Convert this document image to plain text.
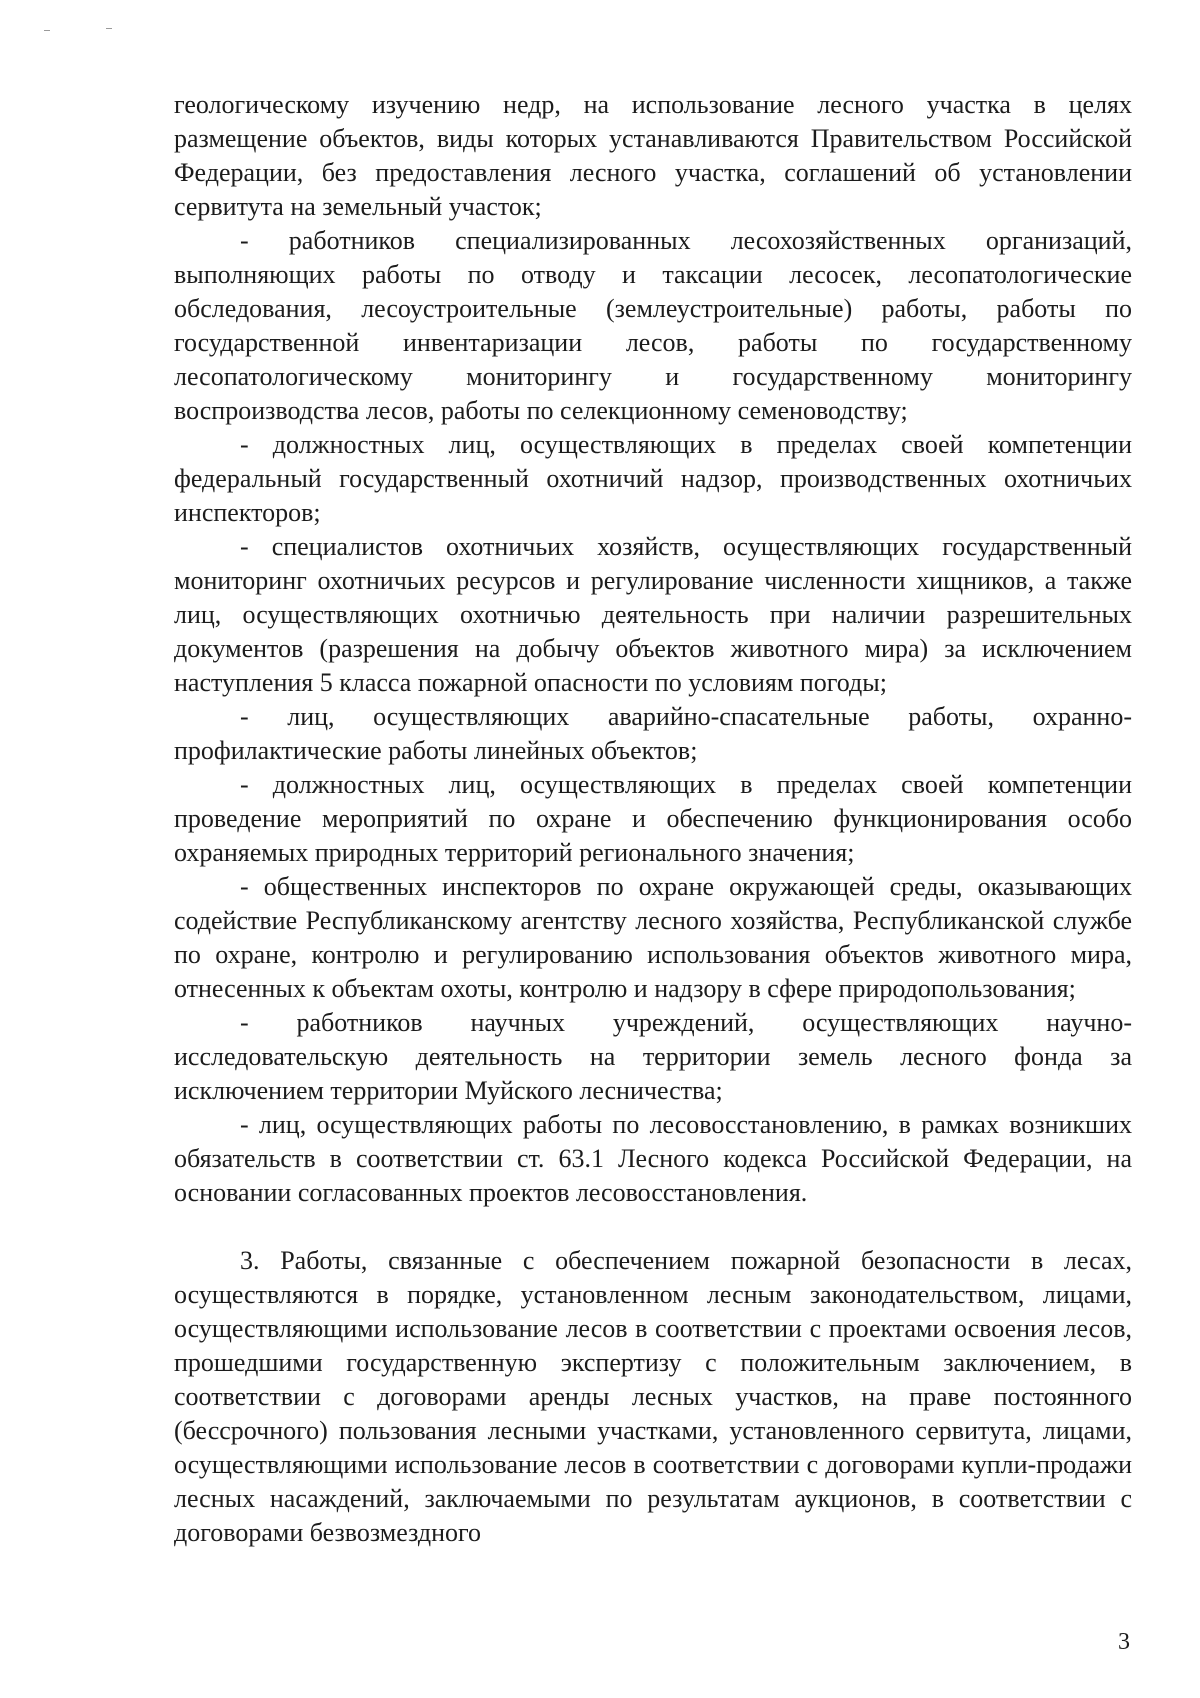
геологическому изучению недр, на использование лесного участка в целях размещение объектов, виды которых устанавливаются Правительством Российской Федерации, без предоставления лесного участка, соглашений об установлении сервитута на земельный участок;

- работников специализированных лесохозяйственных организаций, выполняющих работы по отводу и таксации лесосек, лесопатологические обследования, лесоустроительные (землеустроительные) работы, работы по государственной инвентаризации лесов, работы по государственному лесопатологическому мониторингу и государственному мониторингу воспроизводства лесов, работы по селекционному семеноводству;

- должностных лиц, осуществляющих в пределах своей компетенции федеральный государственный охотничий надзор, производственных охотничьих инспекторов;

- специалистов охотничьих хозяйств, осуществляющих государственный мониторинг охотничьих ресурсов и регулирование численности хищников, а также лиц, осуществляющих охотничью деятельность при наличии разрешительных документов (разрешения на добычу объектов животного мира) за исключением наступления 5 класса пожарной опасности по условиям погоды;

- лиц, осуществляющих аварийно-спасательные работы, охранно-профилактические работы линейных объектов;

- должностных лиц, осуществляющих в пределах своей компетенции проведение мероприятий по охране и обеспечению функционирования особо охраняемых природных территорий регионального значения;

- общественных инспекторов по охране окружающей среды, оказывающих содействие Республиканскому агентству лесного хозяйства, Республиканской службе по охране, контролю и регулированию использования объектов животного мира, отнесенных к объектам охоты, контролю и надзору в сфере природопользования;

- работников научных учреждений, осуществляющих научно-исследовательскую деятельность на территории земель лесного фонда за исключением территории Муйского лесничества;

- лиц, осуществляющих работы по лесовосстановлению, в рамках возникших обязательств в соответствии ст. 63.1 Лесного кодекса Российской Федерации, на основании согласованных проектов лесовосстановления.

3. Работы, связанные с обеспечением пожарной безопасности в лесах, осуществляются в порядке, установленном лесным законодательством, лицами, осуществляющими использование лесов в соответствии с проектами освоения лесов, прошедшими государственную экспертизу с положительным заключением, в соответствии с договорами аренды лесных участков, на праве постоянного (бессрочного) пользования лесными участками, установленного сервитута, лицами, осуществляющими использование лесов в соответствии с договорами купли-продажи лесных насаждений, заключаемыми по результатам аукционов, в соответствии с договорами безвозмездного

3
